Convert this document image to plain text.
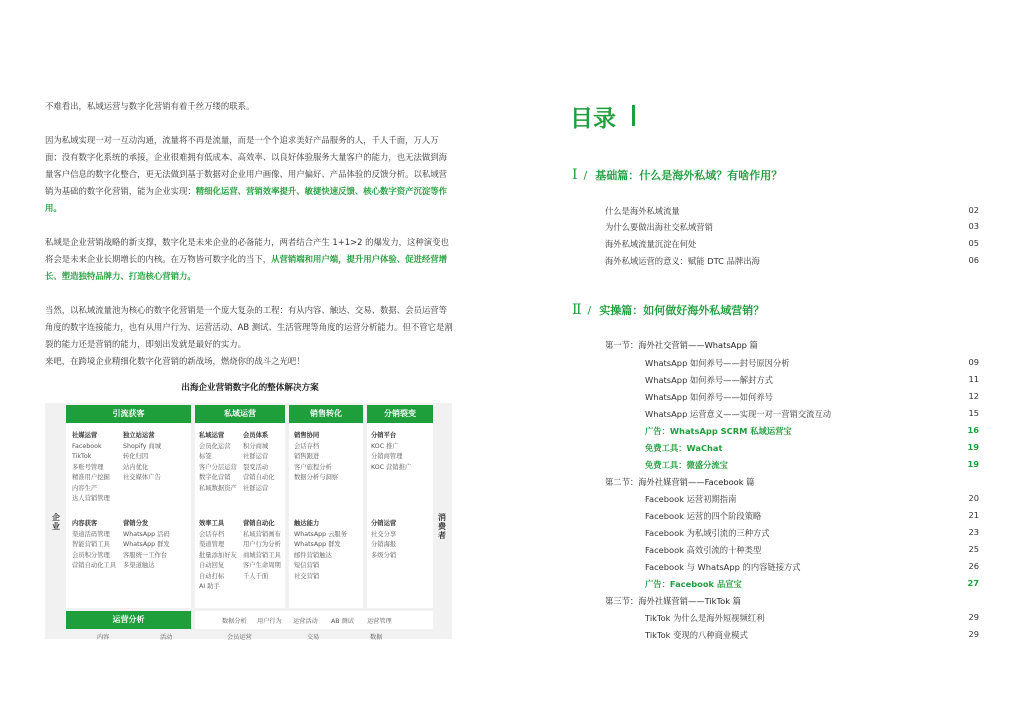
不难看出，私域运营与数字化营销有着千丝万缕的联系。

因为私域实现一对一互动沟通，流量将不再是流量，而是一个个追求美好产品服务的人，千人千面，万人万面；没有数字化系统的承接，企业很难拥有低成本、高效率、以良好体验服务大量客户的能力，也无法做到海量客户信息的数字化整合，更无法做到基于数据对企业用户画像、用户偏好、产品体验的反馈分析。以私域营销为基础的数字化营销，能为企业实现：精细化运营、营销效率提升、敏捷快速反馈、核心数字资产沉淀等作用。

私域是企业营销战略的新支撑，数字化是未来企业的必备能力，两者结合产生 1+1>2 的爆发力，这种演变也将会是未来企业长期增长的内核。在万物皆可数字化的当下，从营销端和用户端，提升用户体验、促进经营增长、塑造独特品牌力、打造核心营销力。

当然，以私域流量池为核心的数字化营销是一个庞大复杂的工程：有从内容、触达、交易、数据、会员运营等角度的数字连接能力，也有从用户行为、运营活动、AB 测试、生活管理等角度的运营分析能力。但不管它是割裂的能力还是营销的能力，即刻出发就是最好的实力。

来吧，在跨境企业精细化数字化营销的新战场，燃烧你的战斗之光吧！

出海企业营销数字化的整体解决方案
企业
消费者
引流获客	私域运营	销售转化	分销裂变
社媒运营
Facebook
TikTok
多账号管理
精准用户挖掘
内容生产
达人营销管理
独立站运营
Shopify 商城
转化归因
站内优化
社交媒体广告
私域运营
会员化运营
标签
客户分层运营
数字化营销
私域数据资产
会员体系
积分商城
社群运营
裂变活动
营销自动化
社群运营
销售协同
会话存档
销售跟进
客户旅程分析
数据分析与洞察
分销平台
KOC 推广
分销商管理
KOC 营销推广
内容获客
渠道活码管理
智能营销工具
会员积分管理
营销自动化工具
营销分发
WhatsApp 活码
WhatsApp 群发
客服统一工作台
多渠道触达
效率工具
会话存档
渠道管理
批量添加好友
自动回复
自动打标
AI 助手
营销自动化
私域营销画布
用户行为分析
商城营销工具
客户生命周期
千人千面
触达能力
WhatsApp 云服务
WhatsApp 群发
邮件营销触达
短信营销
社交营销
分销运营
社交分享
分销海报
多级分销
运营分析	数据分析 用户行为 运营活动 AB 测试 运营管理
内容	活动	会员运营	交易	数据
目录
Ⅰ / 基础篇：什么是海外私域？有啥作用？
什么是海外私域流量	02
为什么要做出海社交私域营销	03
海外私域流量沉淀在何处	05
海外私域运营的意义：赋能 DTC 品牌出海	06
Ⅱ / 实操篇：如何做好海外私域营销？
第一节：海外社交营销——WhatsApp 篇
WhatsApp 如何养号——封号原因分析	09
WhatsApp 如何养号——解封方式	11
WhatsApp 如何养号——如何养号	12
WhatsApp 运营意义——实现一对一营销交流互动	15
广告：WhatsApp SCRM 私域运营宝	16
免费工具：WaChat	19
免费工具：微盛分流宝	19
第二节：海外社媒营销——Facebook 篇
Facebook 运营初期指南	20
Facebook 运营的四个阶段策略	21
Facebook 为私域引流的三种方式	23
Facebook 高效引流的十种类型	25
Facebook 与 WhatsApp 的内容链接方式	26
广告：Facebook 品宣宝	27
第三节：海外社媒营销——TikTok 篇
TikTok 为什么是海外短视频红利	29
TikTok 变现的八种商业模式	29
